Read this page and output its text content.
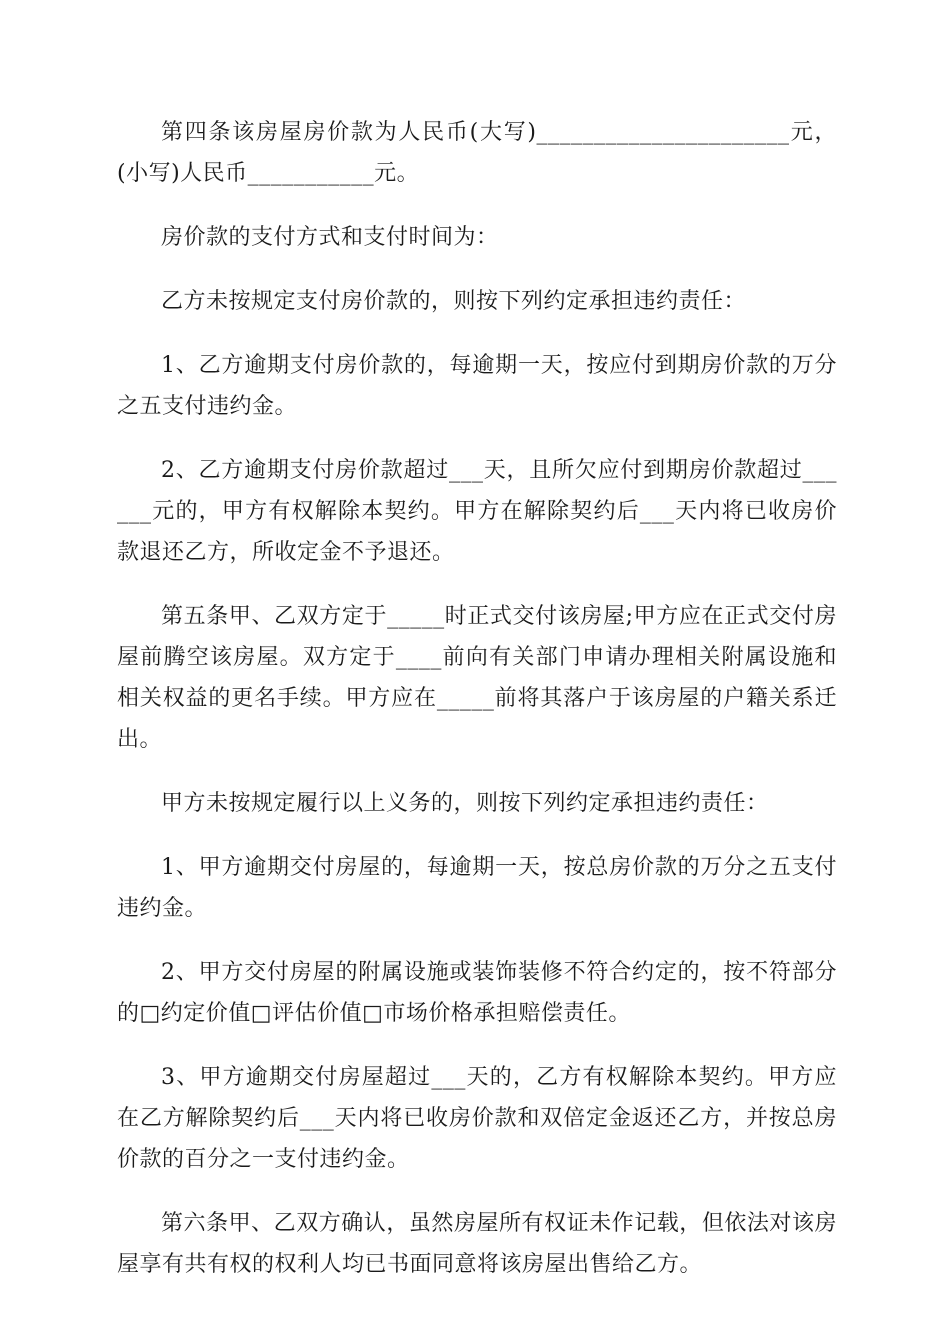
第四条该房屋房价款为人民币(大写)______________________元，(小写)人民币___________元。

房价款的支付方式和支付时间为：

乙方未按规定支付房价款的，则按下列约定承担违约责任：

1、乙方逾期支付房价款的，每逾期一天，按应付到期房价款的万分之五支付违约金。

2、乙方逾期支付房价款超过___天，且所欠应付到期房价款超过______元的，甲方有权解除本契约。甲方在解除契约后___天内将已收房价款退还乙方，所收定金不予退还。

第五条甲、乙双方定于_____时正式交付该房屋;甲方应在正式交付房屋前腾空该房屋。双方定于____前向有关部门申请办理相关附属设施和相关权益的更名手续。甲方应在_____前将其落户于该房屋的户籍关系迁出。

甲方未按规定履行以上义务的，则按下列约定承担违约责任：

1、甲方逾期交付房屋的，每逾期一天，按总房价款的万分之五支付违约金。

2、甲方交付房屋的附属设施或装饰装修不符合约定的，按不符部分的□约定价值□评估价值□市场价格承担赔偿责任。

3、甲方逾期交付房屋超过___天的，乙方有权解除本契约。甲方应在乙方解除契约后___天内将已收房价款和双倍定金返还乙方，并按总房价款的百分之一支付违约金。

第六条甲、乙双方确认，虽然房屋所有权证未作记载，但依法对该房屋享有共有权的权利人均已书面同意将该房屋出售给乙方。
